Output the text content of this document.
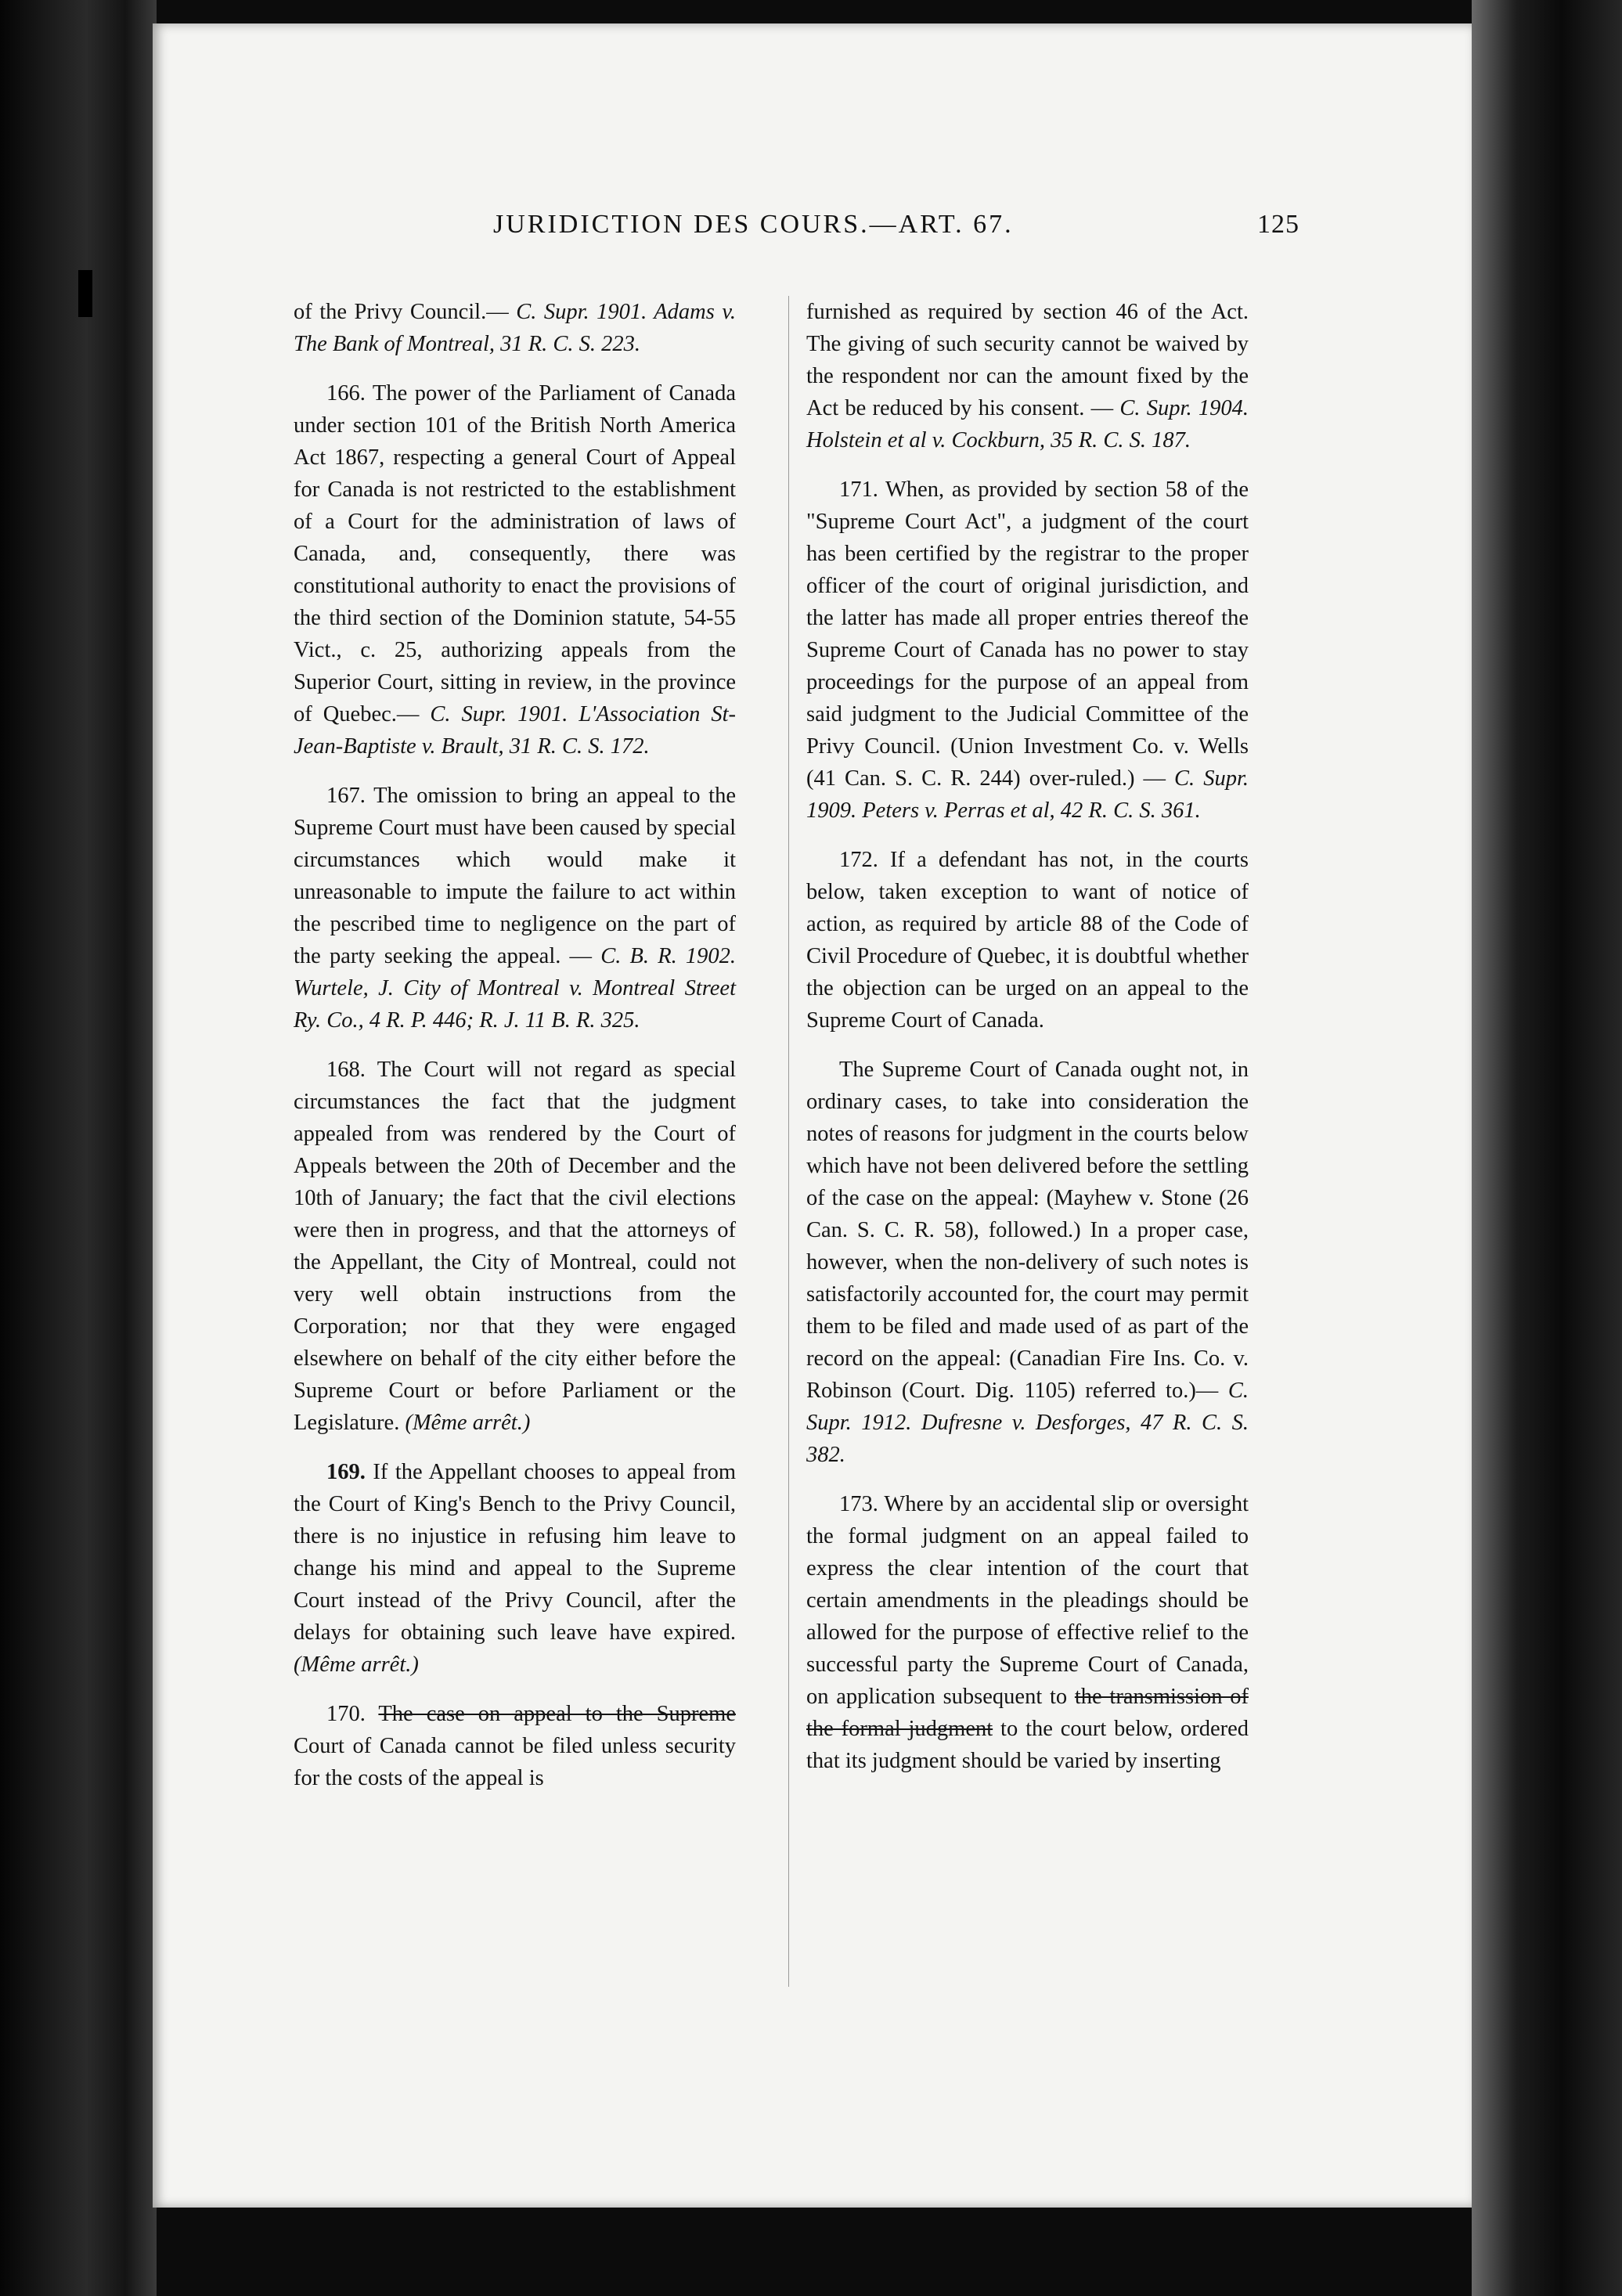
JURIDICTION DES COURS.—ART. 67.	125

of the Privy Council.— C. Supr. 1901. Adams v. The Bank of Montreal, 31 R. C. S. 223.

166. The power of the Parliament of Canada under section 101 of the British North America Act 1867, respecting a general Court of Appeal for Canada is not restricted to the establishment of a Court for the administration of laws of Canada, and, consequently, there was constitutional authority to enact the provisions of the third section of the Dominion statute, 54-55 Vict., c. 25, authorizing appeals from the Superior Court, sitting in review, in the province of Quebec.— C. Supr. 1901. L'Association St-Jean-Baptiste v. Brault, 31 R. C. S. 172.

167. The omission to bring an appeal to the Supreme Court must have been caused by special circumstances which would make it unreasonable to impute the failure to act within the pescribed time to negligence on the part of the party seeking the appeal. — C. B. R. 1902. Wurtele, J. City of Montreal v. Montreal Street Ry. Co., 4 R. P. 446; R. J. 11 B. R. 325.

168. The Court will not regard as special circumstances the fact that the judgment appealed from was rendered by the Court of Appeals between the 20th of December and the 10th of January; the fact that the civil elections were then in progress, and that the attorneys of the Appellant, the City of Montreal, could not very well obtain instructions from the Corporation; nor that they were engaged elsewhere on behalf of the city either before the Supreme Court or before Parliament or the Legislature. (Même arrêt.)

169. If the Appellant chooses to appeal from the Court of King's Bench to the Privy Council, there is no injustice in refusing him leave to change his mind and appeal to the Supreme Court instead of the Privy Council, after the delays for obtaining such leave have expired. (Même arrêt.)

170. The case on appeal to the Supreme Court of Canada cannot be filed unless security for the costs of the appeal is

furnished as required by section 46 of the Act. The giving of such security cannot be waived by the respondent nor can the amount fixed by the Act be reduced by his consent. — C. Supr. 1904. Holstein et al v. Cockburn, 35 R. C. S. 187.

171. When, as provided by section 58 of the "Supreme Court Act", a judgment of the court has been certified by the registrar to the proper officer of the court of original jurisdiction, and the latter has made all proper entries thereof the Supreme Court of Canada has no power to stay proceedings for the purpose of an appeal from said judgment to the Judicial Committee of the Privy Council. (Union Investment Co. v. Wells (41 Can. S. C. R. 244) over-ruled.) — C. Supr. 1909. Peters v. Perras et al, 42 R. C. S. 361.

172. If a defendant has not, in the courts below, taken exception to want of notice of action, as required by article 88 of the Code of Civil Procedure of Quebec, it is doubtful whether the objection can be urged on an appeal to the Supreme Court of Canada.

The Supreme Court of Canada ought not, in ordinary cases, to take into consideration the notes of reasons for judgment in the courts below which have not been delivered before the settling of the case on the appeal: (Mayhew v. Stone (26 Can. S. C. R. 58), followed.) In a proper case, however, when the non-delivery of such notes is satisfactorily accounted for, the court may permit them to be filed and made used of as part of the record on the appeal: (Canadian Fire Ins. Co. v. Robinson (Court. Dig. 1105) referred to.)— C. Supr. 1912. Dufresne v. Desforges, 47 R. C. S. 382.

173. Where by an accidental slip or oversight the formal judgment on an appeal failed to express the clear intention of the court that certain amendments in the pleadings should be allowed for the purpose of effective relief to the successful party the Supreme Court of Canada, on application subsequent to the transmission of the formal judgment to the court below, ordered that its judgment should be varied by inserting
